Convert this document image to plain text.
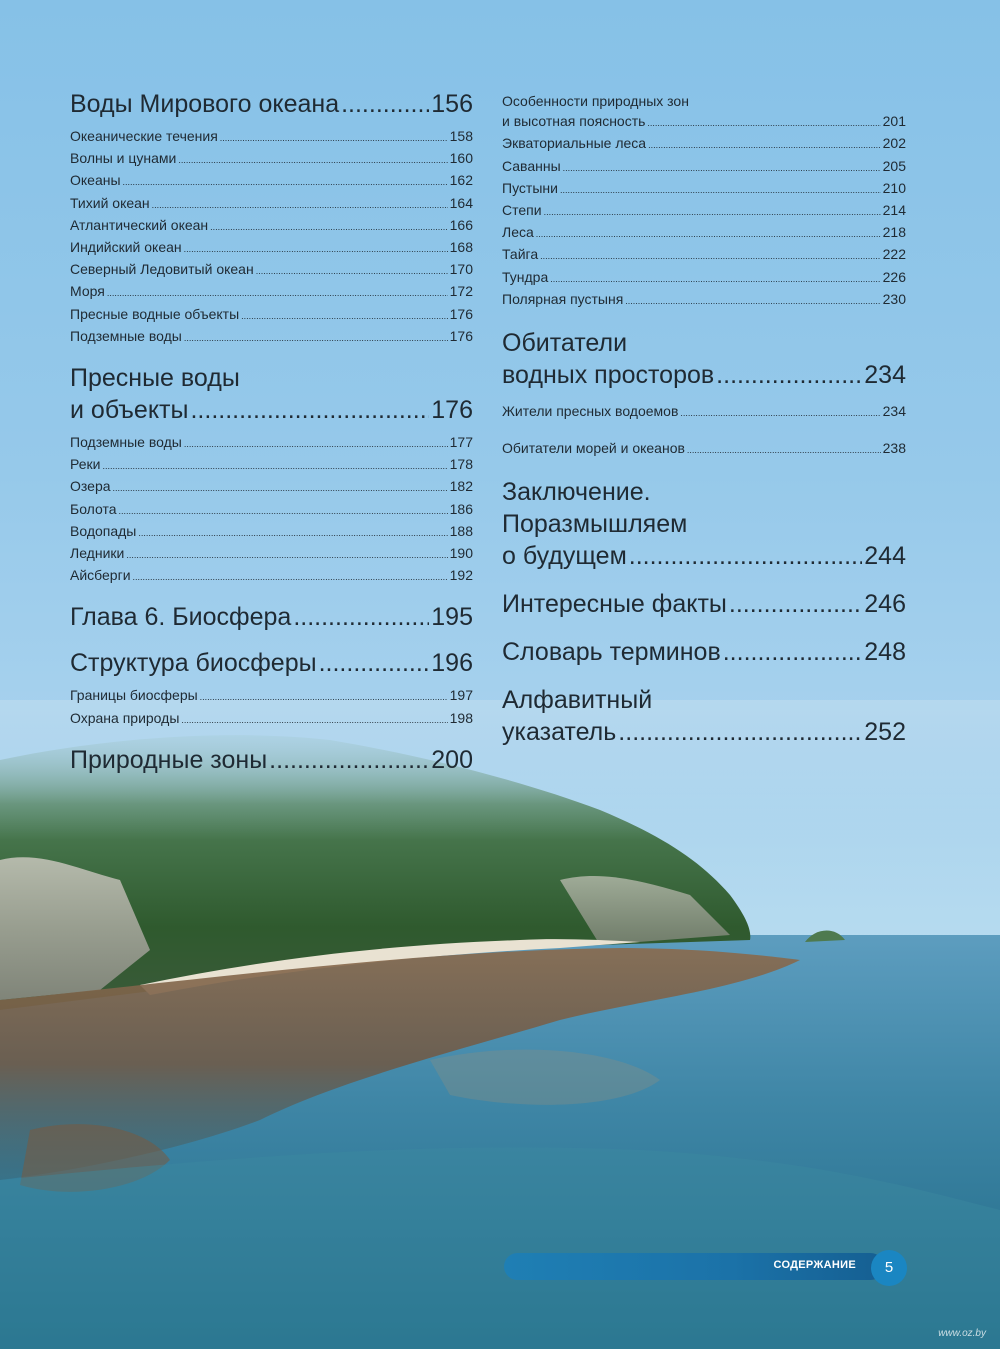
Воды Мирового океана .....	156
Океанические течения .....	158
Волны и цунами .....	160
Океаны .....	162
Тихий океан .....	164
Атлантический океан .....	166
Индийский океан .....	168
Северный Ледовитый океан .....	170
Моря .....	172
Пресные водные объекты .....	176
Подземные воды .....	176
Пресные воды
и объекты .....	176
Подземные воды .....	177
Реки .....	178
Озера .....	182
Болота .....	186
Водопады .....	188
Ледники .....	190
Айсберги .....	192
Глава 6. Биосфера .....	195
Структура биосферы .....	196
Границы биосферы .....	197
Охрана природы .....	198
Природные зоны .....	200
Особенности природных зон
и высотная поясность .....	201
Экваториальные леса .....	202
Саванны .....	205
Пустыни .....	210
Степи .....	214
Леса .....	218
Тайга .....	222
Тундра .....	226
Полярная пустыня .....	230
Обитатели
водных просторов .....	234
Жители пресных водоемов .....	234
Обитатели морей и океанов .....	238
Заключение.
Поразмышляем
о будущем .....	244
Интересные факты .....	246
Словарь терминов .....	248
Алфавитный
указатель .....	252
СОДЕРЖАНИЕ	5
www.oz.by
